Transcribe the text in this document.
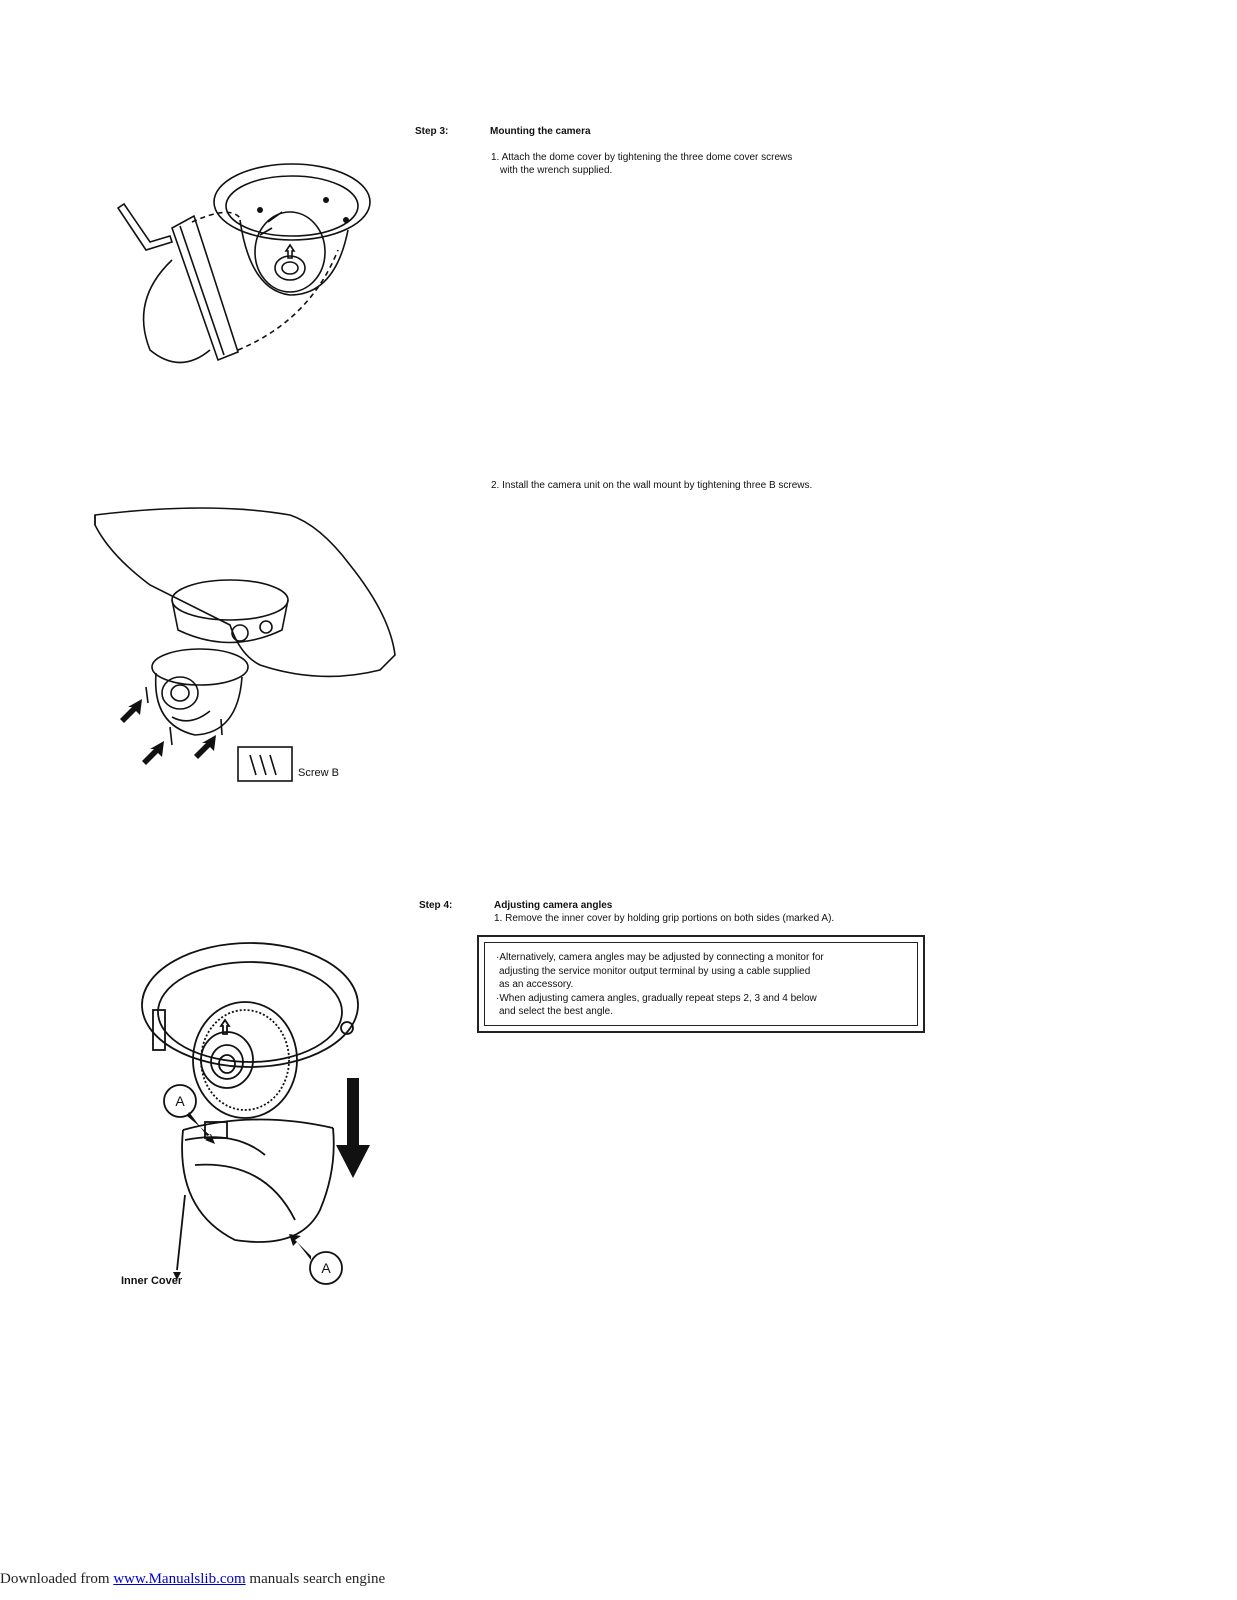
Step 3:	Mounting the camera
1. Attach the dome cover by tightening the three dome cover screws
with the wrench supplied.
2. Install the camera unit on the wall mount by tightening three B screws.
Screw B
Step 4:	Adjusting camera angles
1. Remove the inner cover by holding grip portions on both sides (marked A).
·Alternatively, camera angles may be adjusted by connecting a monitor for
adjusting the service monitor output terminal by using a cable supplied
as an accessory.
·When adjusting camera angles, gradually repeat steps 2, 3 and 4 below
and select the best angle.
A
A
Inner Cover
Downloaded from www.Manualslib.com manuals search engine
